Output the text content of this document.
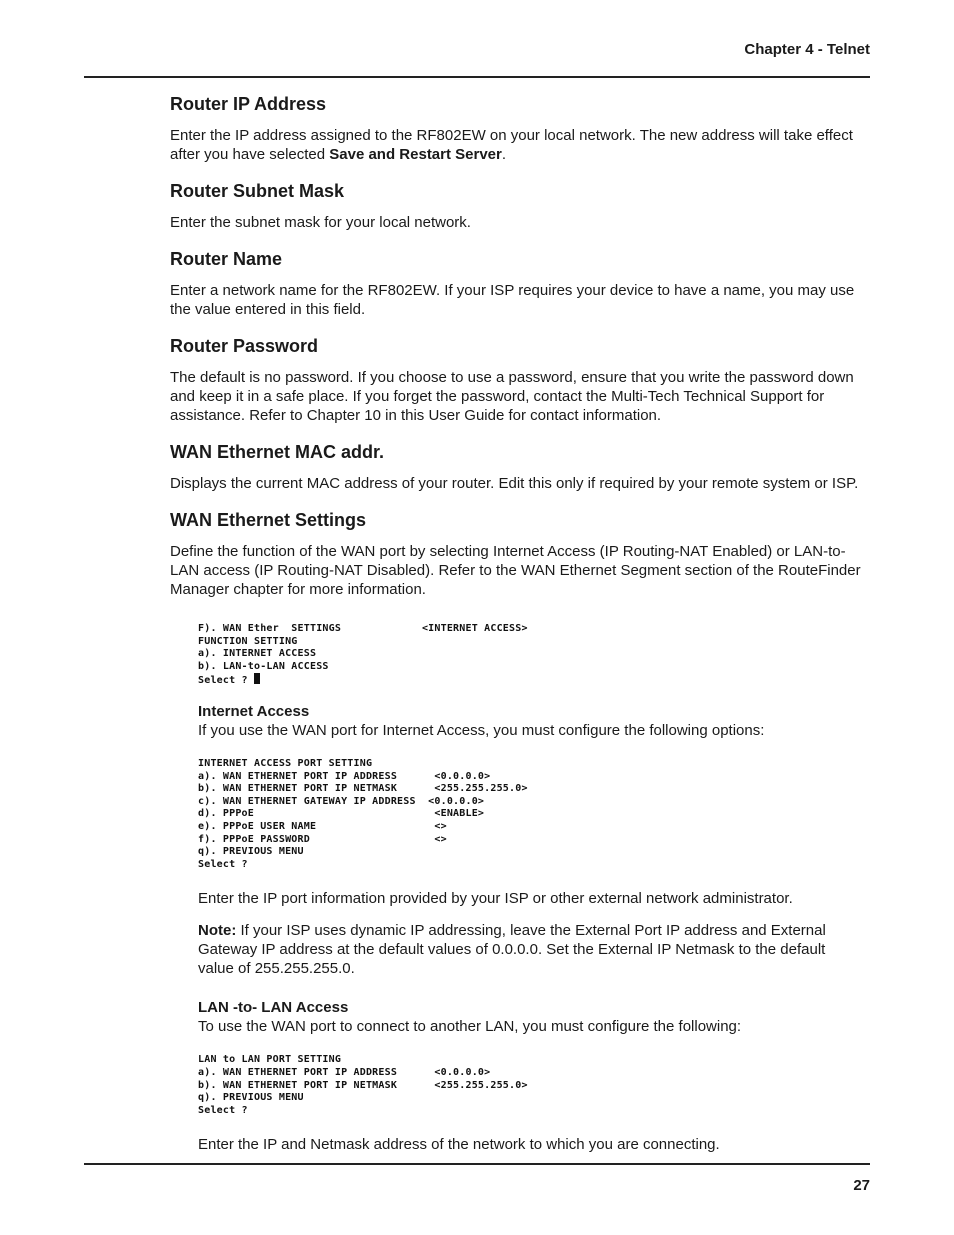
Chapter 4 - Telnet
Router IP Address

Enter the IP address assigned to the RF802EW on your local network. The new address will take effect after you have selected Save and Restart Server.

Router Subnet Mask

Enter the subnet mask for your local network.

Router Name

Enter a network name for the RF802EW. If your ISP requires your device to have a name, you may use the value entered in this field.

Router Password

The default is no password. If you choose to use a password, ensure that you write the password down and keep it in a safe place. If you forget the password, contact the Multi-Tech Technical Support for assistance. Refer to Chapter 10 in this User Guide for contact information.

WAN Ethernet MAC addr.

Displays the current MAC address of your router. Edit this only if required by your remote system or ISP.

WAN Ethernet Settings

Define the function of the WAN port by selecting Internet Access (IP Routing-NAT Enabled) or LAN-to-LAN access (IP Routing-NAT Disabled). Refer to the WAN Ethernet Segment section of the RouteFinder Manager chapter for more information.

F). WAN Ether  SETTINGS             <INTERNET ACCESS>
FUNCTION SETTING
a). INTERNET ACCESS
b). LAN-to-LAN ACCESS
Select ?
Internet Access

If you use the WAN port for Internet Access, you must configure the following options:

INTERNET ACCESS PORT SETTING
a). WAN ETHERNET PORT IP ADDRESS      <0.0.0.0>
b). WAN ETHERNET PORT IP NETMASK      <255.255.255.0>
c). WAN ETHERNET GATEWAY IP ADDRESS  <0.0.0.0>
d). PPPoE                             <ENABLE>
e). PPPoE USER NAME                   <>
f). PPPoE PASSWORD                    <>
q). PREVIOUS MENU
Select ?

Enter the IP port information provided by your ISP or other external network administrator.

Note: If your ISP uses dynamic IP addressing, leave the External Port IP address and External Gateway IP address at the default values of 0.0.0.0. Set the External IP Netmask to the default value of 255.255.255.0.

LAN -to- LAN Access

To use the WAN port to connect to another LAN, you must configure the following:

LAN to LAN PORT SETTING
a). WAN ETHERNET PORT IP ADDRESS      <0.0.0.0>
b). WAN ETHERNET PORT IP NETMASK      <255.255.255.0>
q). PREVIOUS MENU
Select ?

Enter the IP and Netmask address of the network to which you are connecting.

27
